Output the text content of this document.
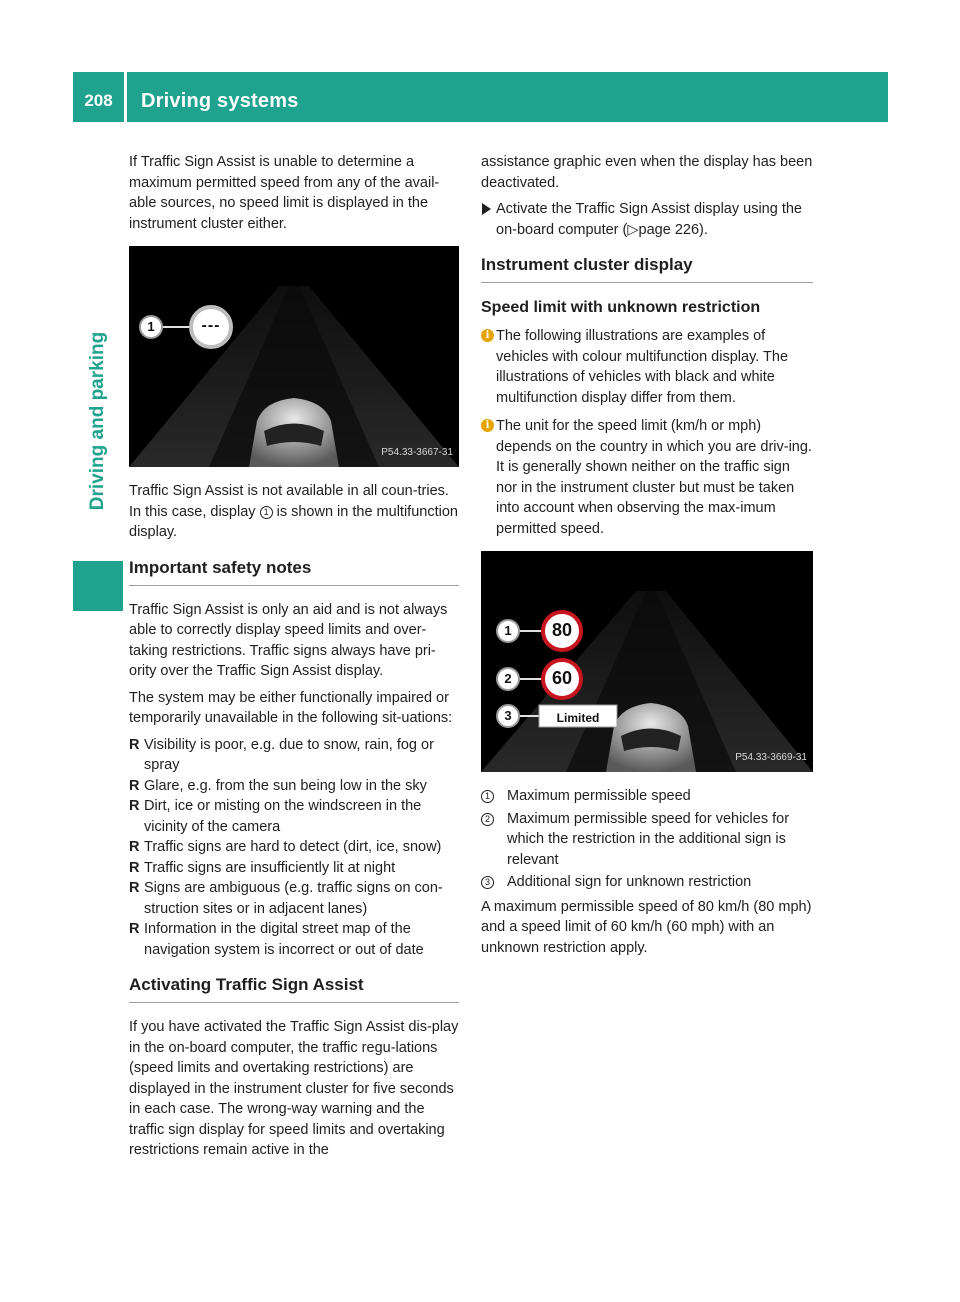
208	Driving systems
Driving and parking

If Traffic Sign Assist is unable to determine a maximum permitted speed from any of the avail-able sources, no speed limit is displayed in the instrument cluster either.

1	---
P54.33-3667-31

Traffic Sign Assist is not available in all coun-tries. In this case, display 1 is shown in the multifunction display.

Important safety notes

Traffic Sign Assist is only an aid and is not always able to correctly display speed limits and over-taking restrictions. Traffic signs always have pri-ority over the Traffic Sign Assist display.

The system may be either functionally impaired or temporarily unavailable in the following sit-uations:

R Visibility is poor, e.g. due to snow, rain, fog or spray
R Glare, e.g. from the sun being low in the sky
R Dirt, ice or misting on the windscreen in the vicinity of the camera
R Traffic signs are hard to detect (dirt, ice, snow)
R Traffic signs are insufficiently lit at night
R Signs are ambiguous (e.g. traffic signs on con-struction sites or in adjacent lanes)
R Information in the digital street map of the navigation system is incorrect or out of date
Activating Traffic Sign Assist

If you have activated the Traffic Sign Assist dis-play in the on-board computer, the traffic regu-lations (speed limits and overtaking restrictions) are displayed in the instrument cluster for five seconds in each case. The wrong-way warning and the traffic sign display for speed limits and overtaking restrictions remain active in the

assistance graphic even when the display has been deactivated.

Activate the Traffic Sign Assist display using the on-board computer (▷page 226).
Instrument cluster display
Speed limit with unknown restriction
i The following illustrations are examples of vehicles with colour multifunction display. The illustrations of vehicles with black and white multifunction display differ from them.
i The unit for the speed limit (km/h or mph) depends on the country in which you are driv-ing. It is generally shown neither on the traffic sign nor in the instrument cluster but must be taken into account when observing the max-imum permitted speed.
1
2
3
80
60
Limited
P54.33-3669-31
1 Maximum permissible speed
2 Maximum permissible speed for vehicles for which the restriction in the additional sign is relevant
3 Additional sign for unknown restriction

A maximum permissible speed of 80 km/h (80 mph) and a speed limit of 60 km/h (60 mph) with an unknown restriction apply.
